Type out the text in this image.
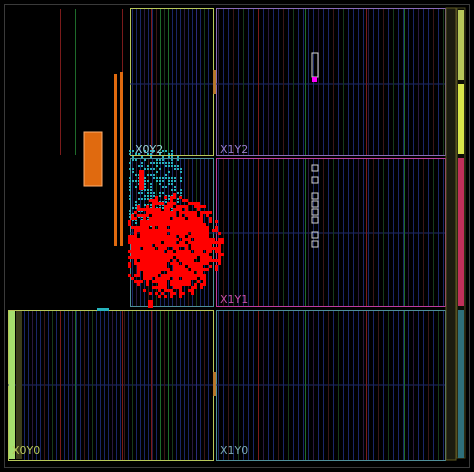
X0Y2	X1Y2
X1Y1
X0Y0	X1Y0
